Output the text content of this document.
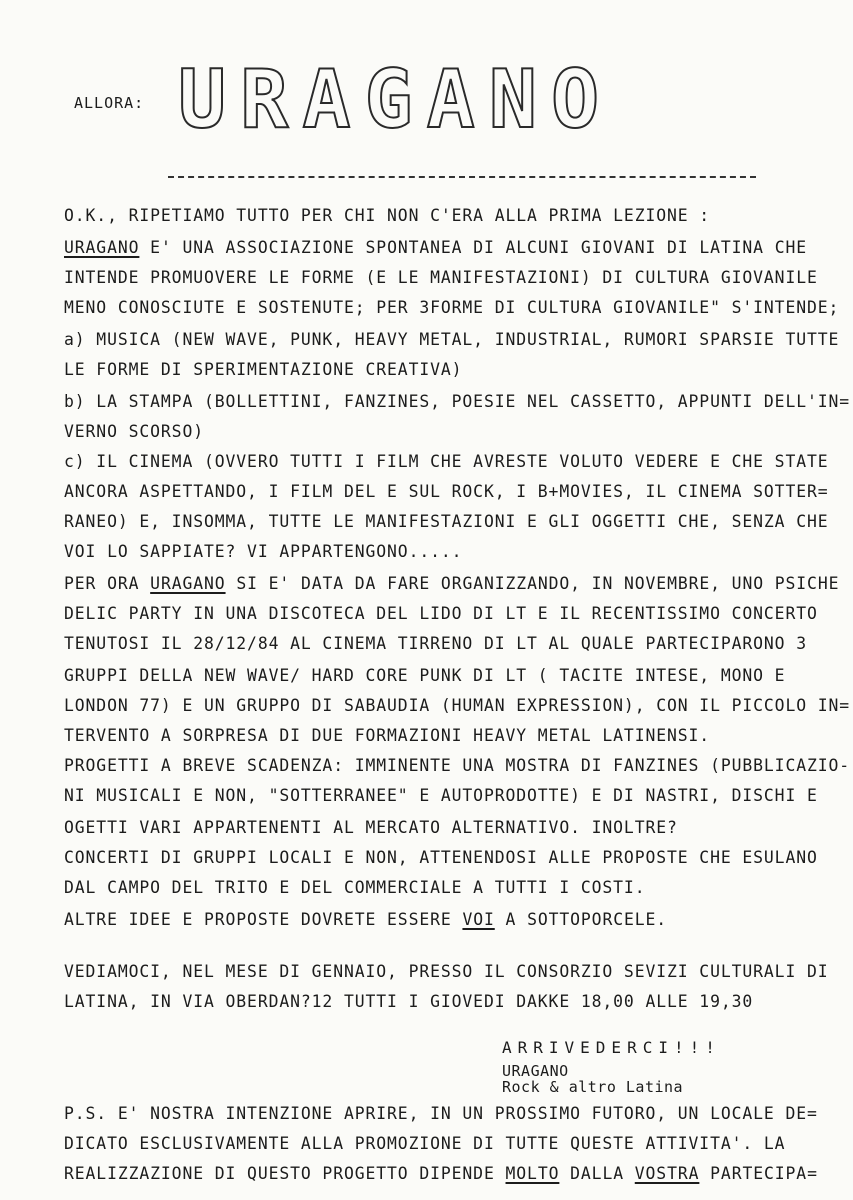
ALLORA: URAGANO
O.K., RIPETIAMO TUTTO PER CHI NON C'ERA ALLA PRIMA LEZIONE :
URAGANO E' UNA ASSOCIAZIONE SPONTANEA DI ALCUNI GIOVANI DI LATINA CHE
INTENDE PROMUOVERE LE FORME (E LE MANIFESTAZIONI) DI CULTURA GIOVANILE
MENO CONOSCIUTE E SOSTENUTE; PER 3FORME DI CULTURA GIOVANILE" S'INTENDE;
a) MUSICA (NEW WAVE, PUNK, HEAVY METAL, INDUSTRIAL, RUMORI SPARSIE TUTTE
LE FORME DI SPERIMENTAZIONE CREATIVA)
b) LA STAMPA (BOLLETTINI, FANZINES, POESIE NEL CASSETTO, APPUNTI DELL'IN=
VERNO SCORSO)
c) IL CINEMA (OVVERO TUTTI I FILM CHE AVRESTE VOLUTO VEDERE E CHE STATE
ANCORA ASPETTANDO, I FILM DEL E SUL ROCK, I B+MOVIES, IL CINEMA SOTTER=
RANEO) E, INSOMMA, TUTTE LE MANIFESTAZIONI E GLI OGGETTI CHE, SENZA CHE
VOI LO SAPPIATE? VI APPARTENGONO.....
PER ORA URAGANO SI E' DATA DA FARE ORGANIZZANDO, IN NOVEMBRE, UNO PSICHE
DELIC PARTY IN UNA DISCOTECA DEL LIDO DI LT E IL RECENTISSIMO CONCERTO
TENUTOSI IL 28/12/84 AL CINEMA TIRRENO DI LT AL QUALE PARTECIPARONO 3
GRUPPI DELLA NEW WAVE/ HARD CORE PUNK DI LT ( TACITE INTESE, MONO E
LONDON 77) E UN GRUPPO DI SABAUDIA (HUMAN EXPRESSION), CON IL PICCOLO IN=
TERVENTO A SORPRESA DI DUE FORMAZIONI HEAVY METAL LATINENSI.
PROGETTI A BREVE SCADENZA: IMMINENTE UNA MOSTRA DI FANZINES (PUBBLICAZIO-
NI MUSICALI E NON, "SOTTERRANEE" E AUTOPRODOTTE) E DI NASTRI, DISCHI E
OGETTI VARI APPARTENENTI AL MERCATO ALTERNATIVO. INOLTRE?
CONCERTI DI GRUPPI LOCALI E NON, ATTENENDOSI ALLE PROPOSTE CHE ESULANO
DAL CAMPO DEL TRITO E DEL COMMERCIALE A TUTTI I COSTI.
ALTRE IDEE E PROPOSTE DOVRETE ESSERE VOI A SOTTOPORCELE.
VEDIAMOCI, NEL MESE DI GENNAIO, PRESSO IL CONSORZIO SEVIZI CULTURALI DI
LATINA, IN VIA OBERDAN?12 TUTTI I GIOVEDI DAKKE 18,00 ALLE 19,30
P.S. E' NOSTRA INTENZIONE APRIRE, IN UN PROSSIMO FUTORO, UN LOCALE DE=
DICATO ESCLUSIVAMENTE ALLA PROMOZIONE DI TUTTE QUESTE ATTIVITA'. LA
REALIZZAZIONE DI QUESTO PROGETTO DIPENDE MOLTO DALLA VOSTRA PARTECIPA=
ARRIVEDERCI!!!
URAGANO
Rock & altro Latina
